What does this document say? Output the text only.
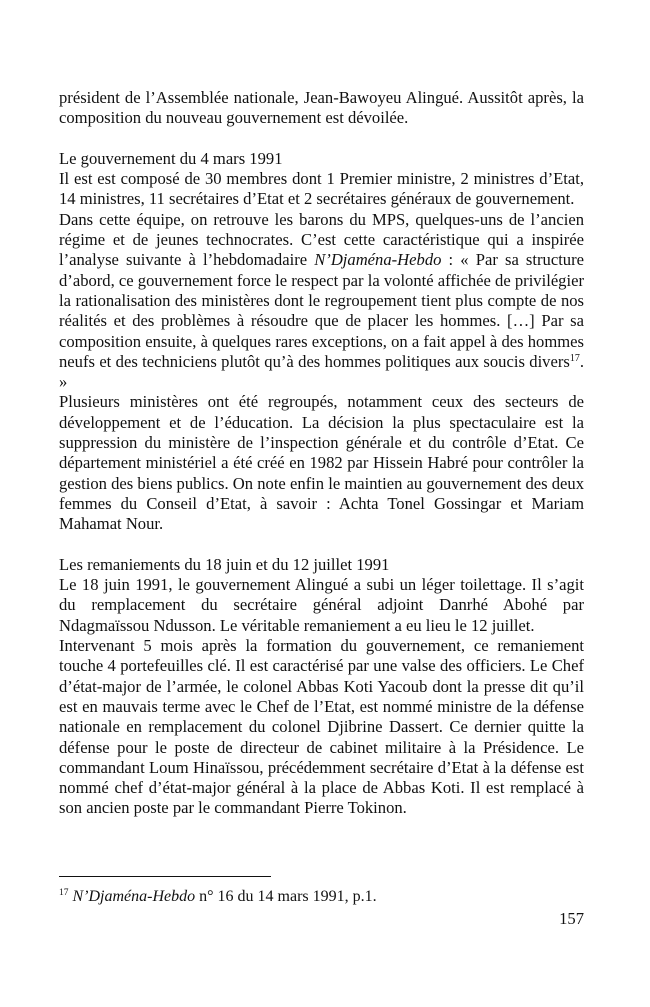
président de l’Assemblée nationale, Jean-Bawoyeu Alingué. Aussitôt après, la composition du nouveau gouvernement est dévoilée.

Le gouvernement du 4 mars 1991

Il est est composé de 30 membres dont 1 Premier ministre, 2 ministres d’Etat, 14 ministres, 11 secrétaires d’Etat et 2 secrétaires généraux de gouvernement.

Dans cette équipe, on retrouve les barons du MPS, quelques-uns de l’ancien régime et de jeunes technocrates. C’est cette caractéristique qui a inspirée l’analyse suivante à l’hebdomadaire N’Djaména-Hebdo : « Par sa structure d’abord, ce gouvernement force le respect par la volonté affichée de privilégier la rationalisation des ministères dont le regroupement tient plus compte de nos réalités et des problèmes à résoudre que de placer les hommes. […] Par sa composition ensuite, à quelques rares exceptions, on a fait appel à des hommes neufs et des techniciens plutôt qu’à des hommes politiques aux soucis divers$^{17}$. »

Plusieurs ministères ont été regroupés, notamment ceux des secteurs de développement et de l’éducation. La décision la plus spectaculaire est la suppression du ministère de l’inspection générale et du contrôle d’Etat. Ce département ministériel a été créé en 1982 par Hissein Habré pour contrôler la gestion des biens publics. On note enfin le maintien au gouvernement des deux femmes du Conseil d’Etat, à savoir : Achta Tonel Gossingar et Mariam Mahamat Nour.

Les remaniements du 18 juin et du 12 juillet 1991

Le 18 juin 1991, le gouvernement Alingué a subi un léger toilettage. Il s’agit du remplacement du secrétaire général adjoint Danrhé Abohé par Ndagmaïssou Ndusson. Le véritable remaniement a eu lieu le 12 juillet.

Intervenant 5 mois après la formation du gouvernement, ce remaniement touche 4 portefeuilles clé. Il est caractérisé par une valse des officiers. Le Chef d’état-major de l’armée, le colonel Abbas Koti Yacoub dont la presse dit qu’il est en mauvais terme avec le Chef de l’Etat, est nommé ministre de la défense nationale en remplacement du colonel Djibrine Dassert. Ce dernier quitte la défense pour le poste de directeur de cabinet militaire à la Présidence. Le commandant Loum Hinaïssou, précédemment secrétaire d’Etat à la défense est nommé chef d’état-major général à la place de Abbas Koti. Il est remplacé à son ancien poste par le commandant Pierre Tokinon.

$^{17}$ N’Djaména-Hebdo n° 16 du 14 mars 1991, p.1.
157
